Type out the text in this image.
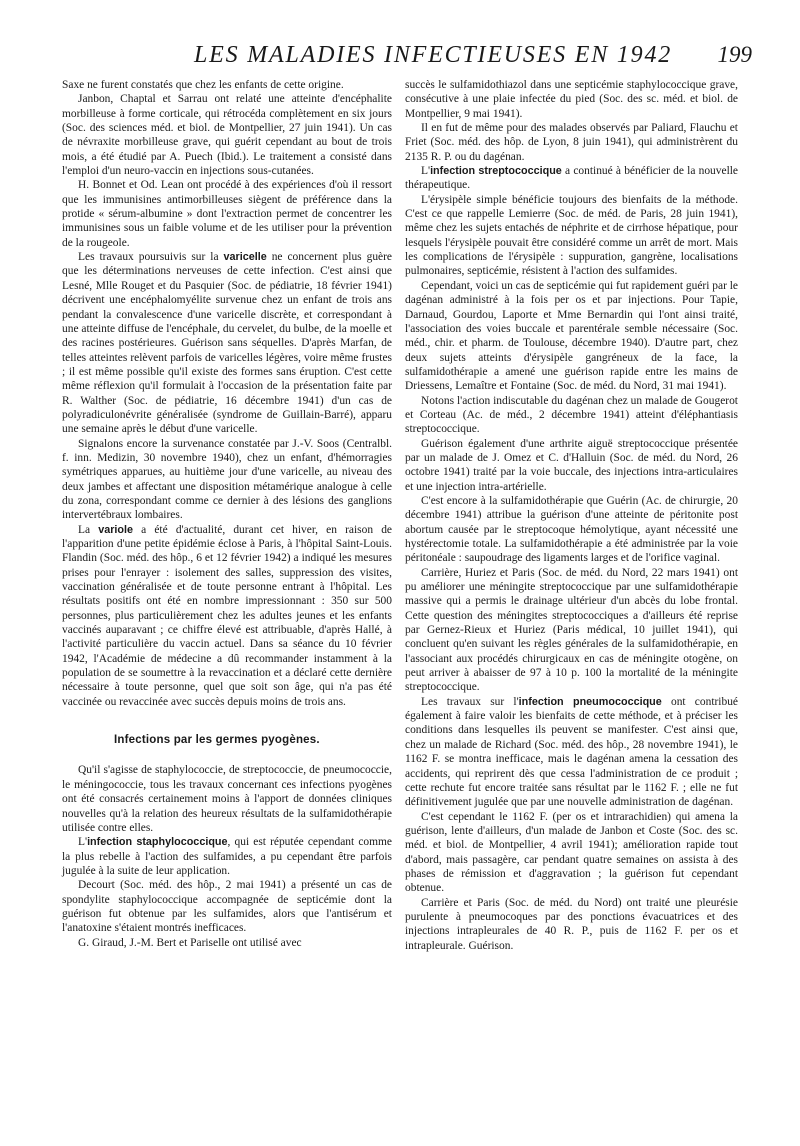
LES MALADIES INFECTIEUSES EN 1942 199

Saxe ne furent constatés que chez les enfants de cette origine.

Janbon, Chaptal et Sarrau ont relaté une atteinte d'encéphalite morbilleuse à forme corticale, qui rétrocéda complètement en six jours (Soc. des sciences méd. et biol. de Montpellier, 27 juin 1941). Un cas de névraxite morbilleuse grave, qui guérit cependant au bout de trois mois, a été étudié par A. Puech (Ibid.). Le traitement a consisté dans l'emploi d'un neuro-vaccin en injections sous-cutanées.

H. Bonnet et Od. Lean ont procédé à des expériences d'où il ressort que les immunisines antimorbilleuses siègent de préférence dans la protide « sérum-albumine » dont l'extraction permet de concentrer les immunisines sous un faible volume et de les utiliser pour la prévention de la rougeole.

Les travaux poursuivis sur la varicelle ne concernent plus guère que les déterminations nerveuses de cette infection. C'est ainsi que Lesné, Mlle Rouget et du Pasquier (Soc. de pédiatrie, 18 février 1941) décrivent une encéphalomyélite survenue chez un enfant de trois ans pendant la convalescence d'une varicelle discrète, et correspondant à une atteinte diffuse de l'encéphale, du cervelet, du bulbe, de la moelle et des racines postérieures. Guérison sans séquelles. D'après Marfan, de telles atteintes relèvent parfois de varicelles légères, voire même frustes ; il est même possible qu'il existe des formes sans éruption. C'est cette même réflexion qu'il formulait à l'occasion de la présentation faite par R. Walther (Soc. de pédiatrie, 16 décembre 1941) d'un cas de polyradiculonévrite généralisée (syndrome de Guillain-Barré), apparu une semaine après le début d'une varicelle.

Signalons encore la survenance constatée par J.-V. Soos (Centralbl. f. inn. Medizin, 30 novembre 1940), chez un enfant, d'hémorragies symétriques apparues, au huitième jour d'une varicelle, au niveau des deux jambes et affectant une disposition métamérique analogue à celle du zona, correspondant comme ce dernier à des lésions des ganglions intervertébraux lombaires.

La variole a été d'actualité, durant cet hiver, en raison de l'apparition d'une petite épidémie éclose à Paris, à l'hôpital Saint-Louis. Flandin (Soc. méd. des hôp., 6 et 12 février 1942) a indiqué les mesures prises pour l'enrayer : isolement des salles, suppression des visites, vaccination généralisée et de toute personne entrant à l'hôpital. Les résultats positifs ont été en nombre impressionnant : 350 sur 500 personnes, plus particulièrement chez les adultes jeunes et les enfants vaccinés auparavant ; ce chiffre élevé est attribuable, d'après Hallé, à l'activité particulière du vaccin actuel. Dans sa séance du 10 février 1942, l'Académie de médecine a dû recommander instamment à la population de se soumettre à la revaccination et a déclaré cette dernière nécessaire à toute personne, quel que soit son âge, qui n'a pas été vaccinée ou revaccinée avec succès depuis moins de trois ans.

Infections par les germes pyogènes.

Qu'il s'agisse de staphylococcie, de streptococcie, de pneumococcie, le méningococcie, tous les travaux concernant ces infections pyogènes ont été consacrés certainement moins à l'apport de données cliniques nouvelles qu'à la relation des heureux résultats de la sulfamidothérapie utilisée contre elles.

L'infection staphylococcique, qui est réputée cependant comme la plus rebelle à l'action des sulfamides, a pu cependant être parfois jugulée à la suite de leur application.

Decourt (Soc. méd. des hôp., 2 mai 1941) a présenté un cas de spondylite staphylococcique accompagnée de septicémie dont la guérison fut obtenue par les sulfamides, alors que l'antisérum et l'anatoxine s'étaient montrés inefficaces.

G. Giraud, J.-M. Bert et Pariselle ont utilisé avec

succès le sulfamidothiazol dans une septicémie staphylococcique grave, consécutive à une plaie infectée du pied (Soc. des sc. méd. et biol. de Montpellier, 9 mai 1941).

Il en fut de même pour des malades observés par Paliard, Flauchu et Friet (Soc. méd. des hôp. de Lyon, 8 juin 1941), qui administrèrent du 2135 R. P. ou du dagénan.

L'infection streptococcique a continué à bénéficier de la nouvelle thérapeutique.

L'érysipèle simple bénéficie toujours des bienfaits de la méthode. C'est ce que rappelle Lemierre (Soc. de méd. de Paris, 28 juin 1941), même chez les sujets entachés de néphrite et de cirrhose hépatique, pour lesquels l'érysipèle pouvait être considéré comme un arrêt de mort. Mais les complications de l'érysipèle : suppuration, gangrène, localisations pulmonaires, septicémie, résistent à l'action des sulfamides.

Cependant, voici un cas de septicémie qui fut rapidement guéri par le dagénan administré à la fois per os et par injections. Pour Tapie, Darnaud, Gourdou, Laporte et Mme Bernardin qui l'ont ainsi traité, l'association des voies buccale et parentérale semble nécessaire (Soc. méd., chir. et pharm. de Toulouse, décembre 1940). D'autre part, chez deux sujets atteints d'érysipèle gangréneux de la face, la sulfamidothérapie a amené une guérison rapide entre les mains de Driessens, Lemaître et Fontaine (Soc. de méd. du Nord, 31 mai 1941).

Notons l'action indiscutable du dagénan chez un malade de Gougerot et Corteau (Ac. de méd., 2 décembre 1941) atteint d'éléphantiasis streptococcique.

Guérison également d'une arthrite aiguë streptococcique présentée par un malade de J. Omez et C. d'Halluin (Soc. de méd. du Nord, 26 octobre 1941) traité par la voie buccale, des injections intra-articulaires et une injection intra-artérielle.

C'est encore à la sulfamidothérapie que Guérin (Ac. de chirurgie, 20 décembre 1941) attribue la guérison d'une atteinte de péritonite post abortum causée par le streptocoque hémolytique, ayant nécessité une hystérectomie totale. La sulfamidothérapie a été administrée par la voie péritonéale : saupoudrage des ligaments larges et de l'orifice vaginal.

Carrière, Huriez et Paris (Soc. de méd. du Nord, 22 mars 1941) ont pu améliorer une méningite streptococcique par une sulfamidothérapie massive qui a permis le drainage ultérieur d'un abcès du lobe frontal. Cette question des méningites streptococciques a d'ailleurs été reprise par Gernez-Rieux et Huriez (Paris médical, 10 juillet 1941), qui concluent qu'en suivant les règles générales de la sulfamidothérapie, en l'associant aux procédés chirurgicaux en cas de méningite otogène, on peut arriver à abaisser de 97 à 10 p. 100 la mortalité de la méningite streptococcique.

Les travaux sur l'infection pneumococcique ont contribué également à faire valoir les bienfaits de cette méthode, et à préciser les conditions dans lesquelles ils peuvent se manifester. C'est ainsi que, chez un malade de Richard (Soc. méd. des hôp., 28 novembre 1941), le 1162 F. se montra inefficace, mais le dagénan amena la cessation des accidents, qui reprirent dès que cessa l'administration de ce produit ; cette rechute fut encore traitée sans résultat par le 1162 F. ; elle ne fut définitivement jugulée que par une nouvelle administration de dagénan.

C'est cependant le 1162 F. (per os et intrarachidien) qui amena la guérison, lente d'ailleurs, d'un malade de Janbon et Coste (Soc. des sc. méd. et biol. de Montpellier, 4 avril 1941); amélioration rapide tout d'abord, mais passagère, car pendant quatre semaines on assista à des phases de rémission et d'aggravation ; la guérison fut cependant obtenue.

Carrière et Paris (Soc. de méd. du Nord) ont traité une pleurésie purulente à pneumocoques par des ponctions évacuatrices et des injections intrapleurales de 40 R. P., puis de 1162 F. per os et intrapleurale. Guérison.
